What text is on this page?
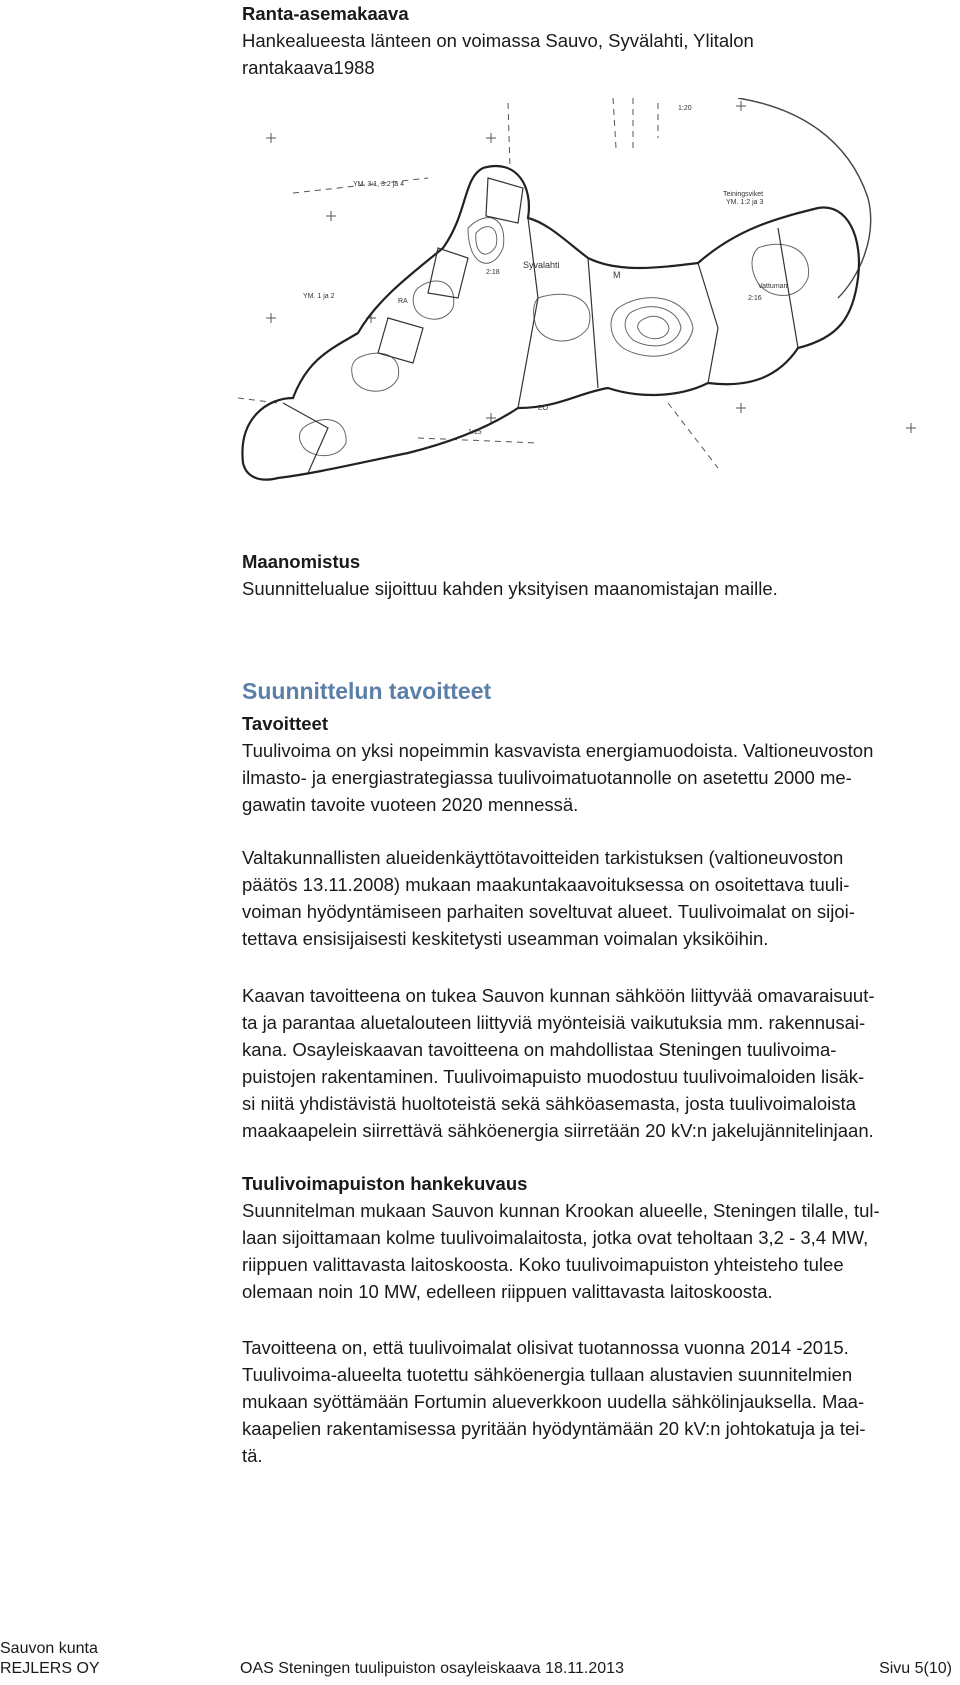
Ranta-asemakaava

Hankealueesta länteen on voimassa Sauvo, Syvälahti, Ylitalon

rantakaava1988

YM. 3:1, 3:2 ja 4
Teiningsviket
YM. 1:2 ja 3
Syvalahti
YM. 1 ja 2
1:20
2:18
2:16
Vattuman
1:15
M
RA
EO

Maanomistus

Suunnittelualue sijoittuu kahden yksityisen maanomistajan maille.

Suunnittelun tavoitteet

Tavoitteet

Tuulivoima on yksi nopeimmin kasvavista energiamuodoista. Valtioneuvoston

ilmasto- ja energiastrategiassa tuulivoimatuotannolle on asetettu 2000 me-

gawatin tavoite vuoteen 2020 mennessä.

Valtakunnallisten alueidenkäyttötavoitteiden tarkistuksen (valtioneuvoston

päätös 13.11.2008) mukaan maakuntakaavoituksessa on osoitettava tuuli-

voiman hyödyntämiseen parhaiten soveltuvat alueet. Tuulivoimalat on sijoi-

tettava ensisijaisesti keskitetysti useamman voimalan yksiköihin.

Kaavan tavoitteena on tukea Sauvon kunnan sähköön liittyvää omavaraisuut-

ta ja parantaa aluetalouteen liittyviä myönteisiä vaikutuksia mm. rakennusai-

kana. Osayleiskaavan tavoitteena on mahdollistaa Steningen tuulivoima-

puistojen rakentaminen. Tuulivoimapuisto muodostuu tuulivoimaloiden lisäk-

si niitä yhdistävistä huoltoteistä sekä sähköasemasta, josta tuulivoimaloista

maakaapelein siirrettävä sähköenergia siirretään 20 kV:n jakelujännitelinjaan.

Tuulivoimapuiston hankekuvaus

Suunnitelman mukaan Sauvon kunnan Krookan alueelle, Steningen tilalle, tul-

laan sijoittamaan kolme tuulivoimalaitosta, jotka ovat teholtaan 3,2 - 3,4 MW,

riippuen valittavasta laitoskoosta. Koko tuulivoimapuiston yhteisteho tulee

olemaan noin 10 MW, edelleen riippuen valittavasta laitoskoosta.

Tavoitteena on, että tuulivoimalat olisivat tuotannossa vuonna 2014 -2015.

Tuulivoima-alueelta tuotettu sähköenergia tullaan alustavien suunnitelmien

mukaan syöttämään Fortumin alueverkkoon uudella sähkölinjauksella. Maa-

kaapelien rakentamisessa pyritään hyödyntämään 20 kV:n johtokatuja ja tei-

tä.

Sauvon kunta
REJLERS OY	OAS Steningen tuulipuiston osayleiskaava 18.11.2013	Sivu 5(10)
